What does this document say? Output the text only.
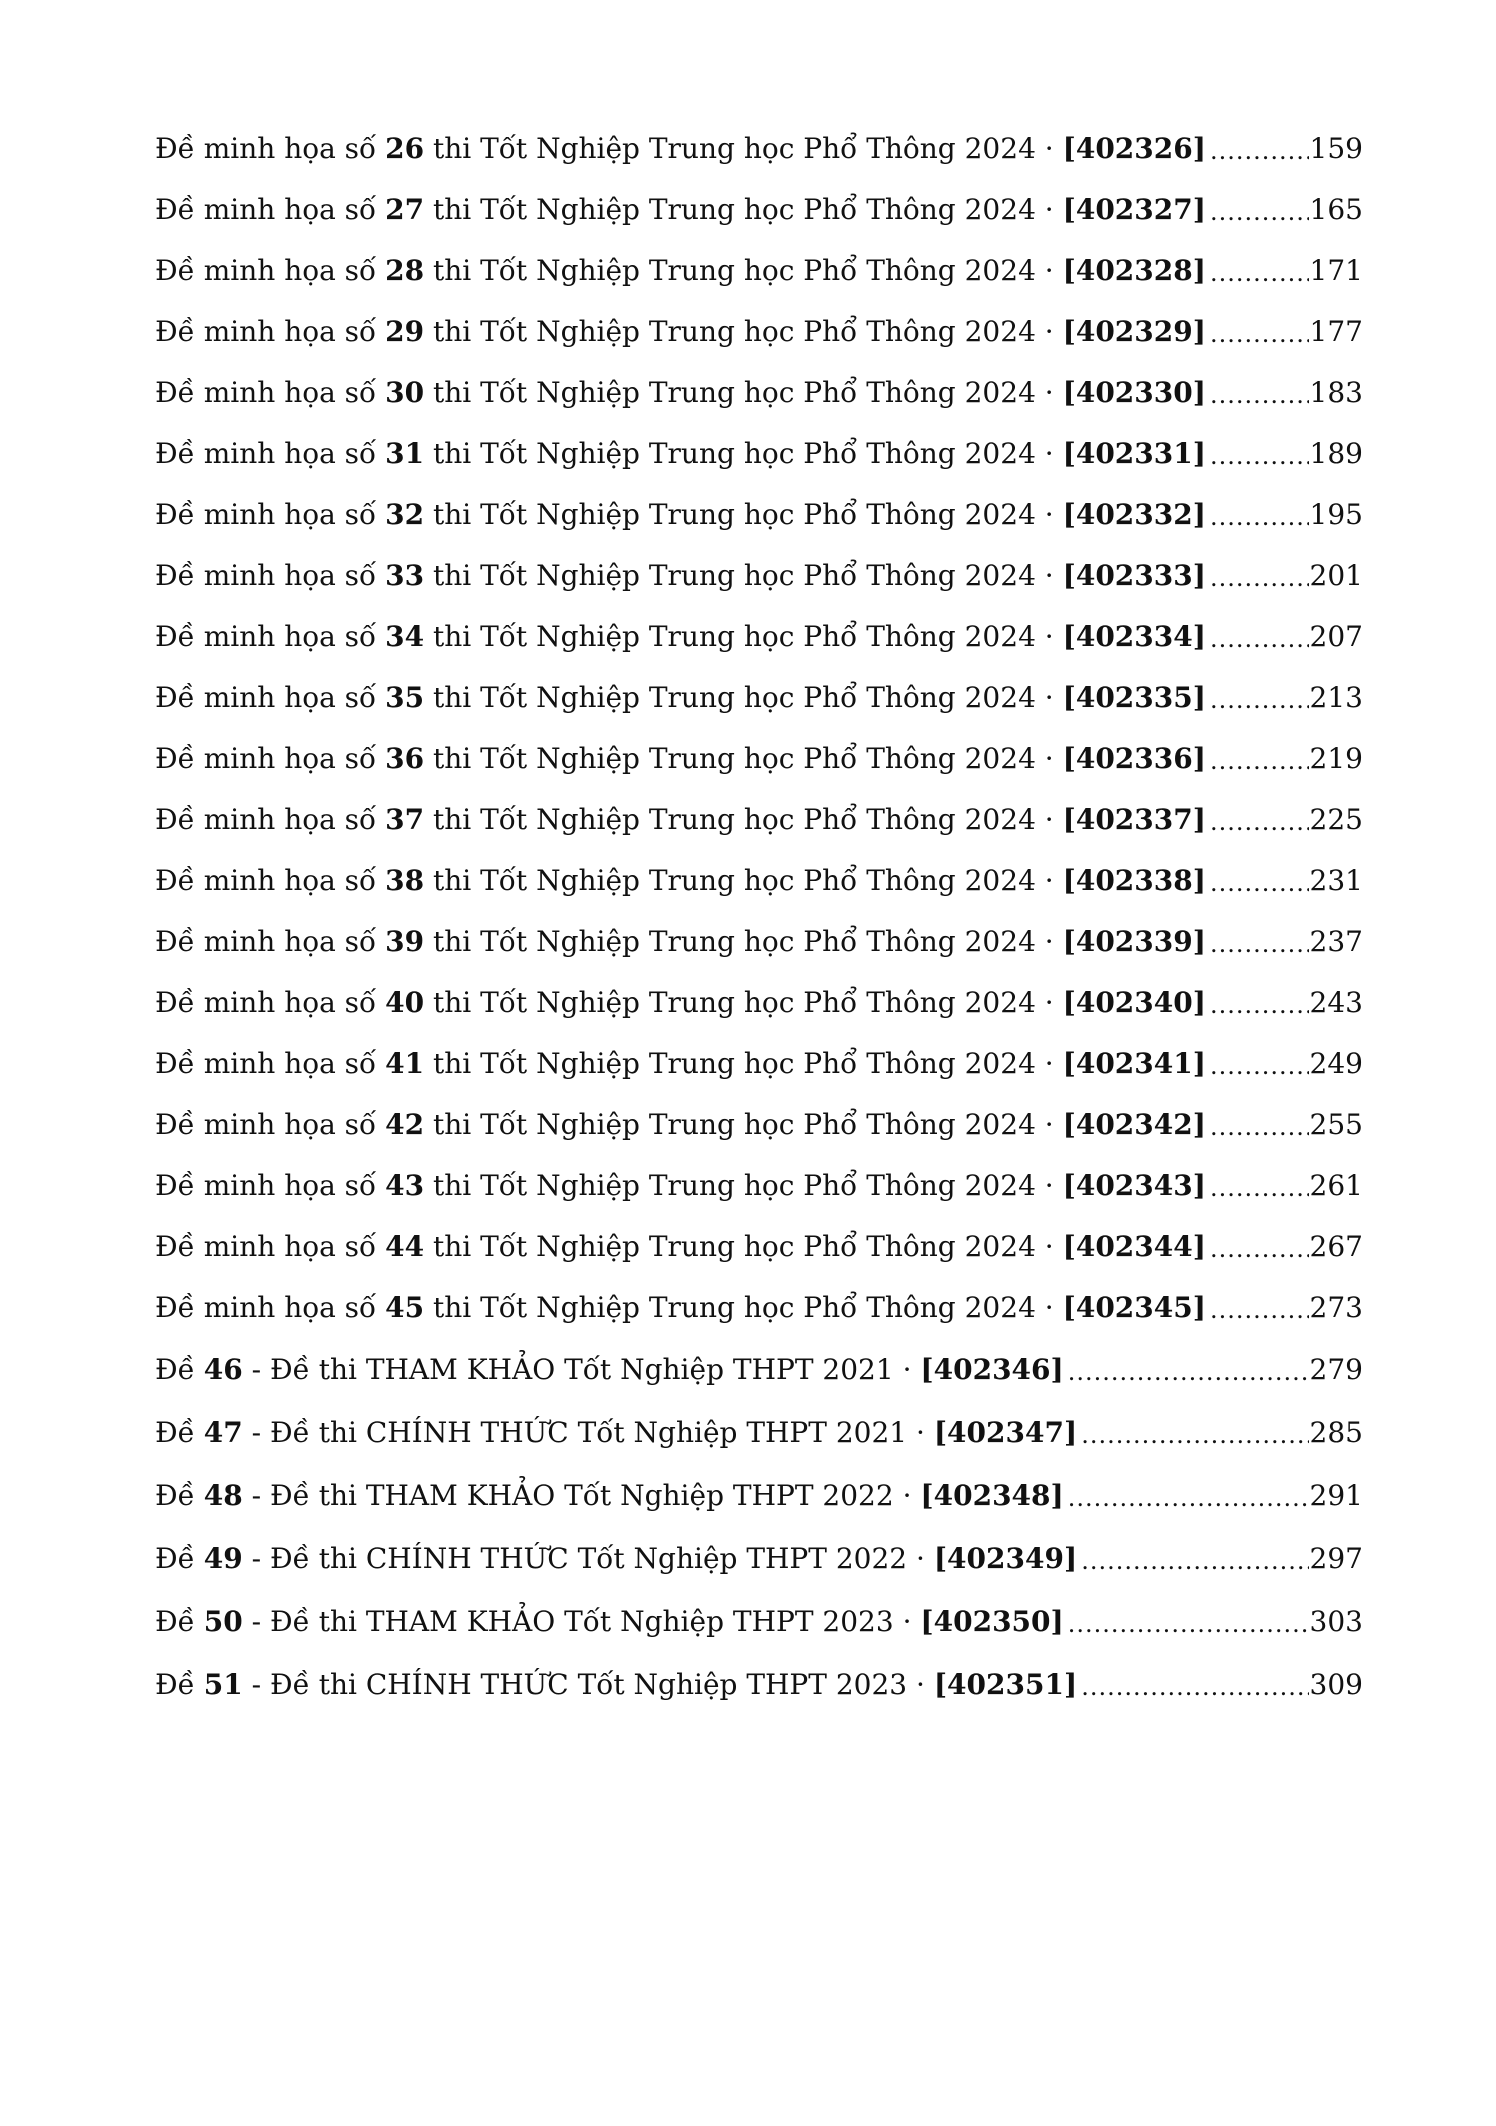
Đề minh họa số 26 thi Tốt Nghiệp Trung học Phổ Thông 2024 · [402326] .....	159
Đề minh họa số 27 thi Tốt Nghiệp Trung học Phổ Thông 2024 · [402327] .....	165
Đề minh họa số 28 thi Tốt Nghiệp Trung học Phổ Thông 2024 · [402328] .....	171
Đề minh họa số 29 thi Tốt Nghiệp Trung học Phổ Thông 2024 · [402329] .....	177
Đề minh họa số 30 thi Tốt Nghiệp Trung học Phổ Thông 2024 · [402330] .....	183
Đề minh họa số 31 thi Tốt Nghiệp Trung học Phổ Thông 2024 · [402331] .....	189
Đề minh họa số 32 thi Tốt Nghiệp Trung học Phổ Thông 2024 · [402332] .....	195
Đề minh họa số 33 thi Tốt Nghiệp Trung học Phổ Thông 2024 · [402333] .....	201
Đề minh họa số 34 thi Tốt Nghiệp Trung học Phổ Thông 2024 · [402334] .....	207
Đề minh họa số 35 thi Tốt Nghiệp Trung học Phổ Thông 2024 · [402335] .....	213
Đề minh họa số 36 thi Tốt Nghiệp Trung học Phổ Thông 2024 · [402336] .....	219
Đề minh họa số 37 thi Tốt Nghiệp Trung học Phổ Thông 2024 · [402337] .....	225
Đề minh họa số 38 thi Tốt Nghiệp Trung học Phổ Thông 2024 · [402338] .....	231
Đề minh họa số 39 thi Tốt Nghiệp Trung học Phổ Thông 2024 · [402339] .....	237
Đề minh họa số 40 thi Tốt Nghiệp Trung học Phổ Thông 2024 · [402340] .....	243
Đề minh họa số 41 thi Tốt Nghiệp Trung học Phổ Thông 2024 · [402341] .....	249
Đề minh họa số 42 thi Tốt Nghiệp Trung học Phổ Thông 2024 · [402342] .....	255
Đề minh họa số 43 thi Tốt Nghiệp Trung học Phổ Thông 2024 · [402343] .....	261
Đề minh họa số 44 thi Tốt Nghiệp Trung học Phổ Thông 2024 · [402344] .....	267
Đề minh họa số 45 thi Tốt Nghiệp Trung học Phổ Thông 2024 · [402345] .....	273
Đề 46 - Đề thi THAM KHẢO Tốt Nghiệp THPT 2021 · [402346] .....	279
Đề 47 - Đề thi CHÍNH THỨC Tốt Nghiệp THPT 2021 · [402347] .....	285
Đề 48 - Đề thi THAM KHẢO Tốt Nghiệp THPT 2022 · [402348] .....	291
Đề 49 - Đề thi CHÍNH THỨC Tốt Nghiệp THPT 2022 · [402349] .....	297
Đề 50 - Đề thi THAM KHẢO Tốt Nghiệp THPT 2023 · [402350] .....	303
Đề 51 - Đề thi CHÍNH THỨC Tốt Nghiệp THPT 2023 · [402351] .....	309
